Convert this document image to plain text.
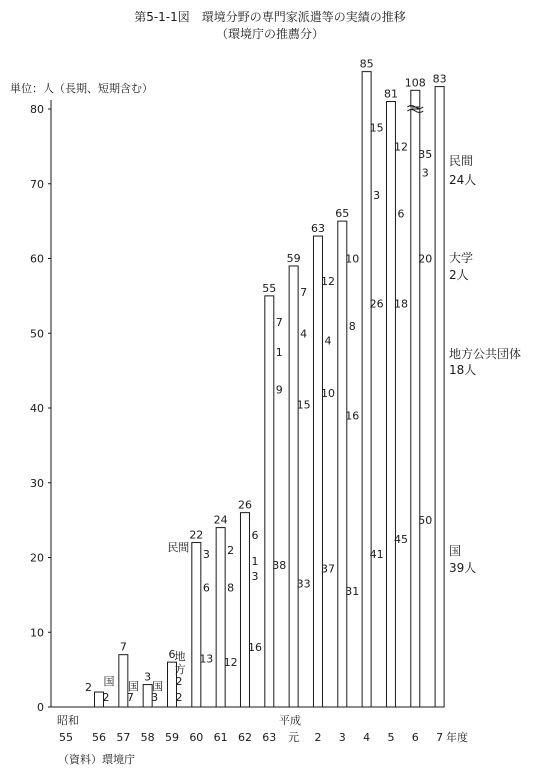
第5-1-1図　環境分野の専門家派遣等の実績の推移
（環境庁の推薦分）
単位：人（長期、短期含む）
0
10
20
30
40
50
60
70
80
2
2
7
7
3
3
6
2
2
22
13
6
3
24
12
8
2
26
16
3
1
6
55
38
9
1
7
59
33
15
4
7
63
37
10
4
12
65
31
16
8
10
85
41
26
3
15
81
45
18
6
12
108
50
20
3
35
83
国 国 国
地
方
民間
55 56 57 58 59 60 61 62 63 元 2 3 4 5 6 7
昭和	平成
年度
（資料）環境庁
民間
24人
大学
2人
地方公共団体
18人
国
39人
